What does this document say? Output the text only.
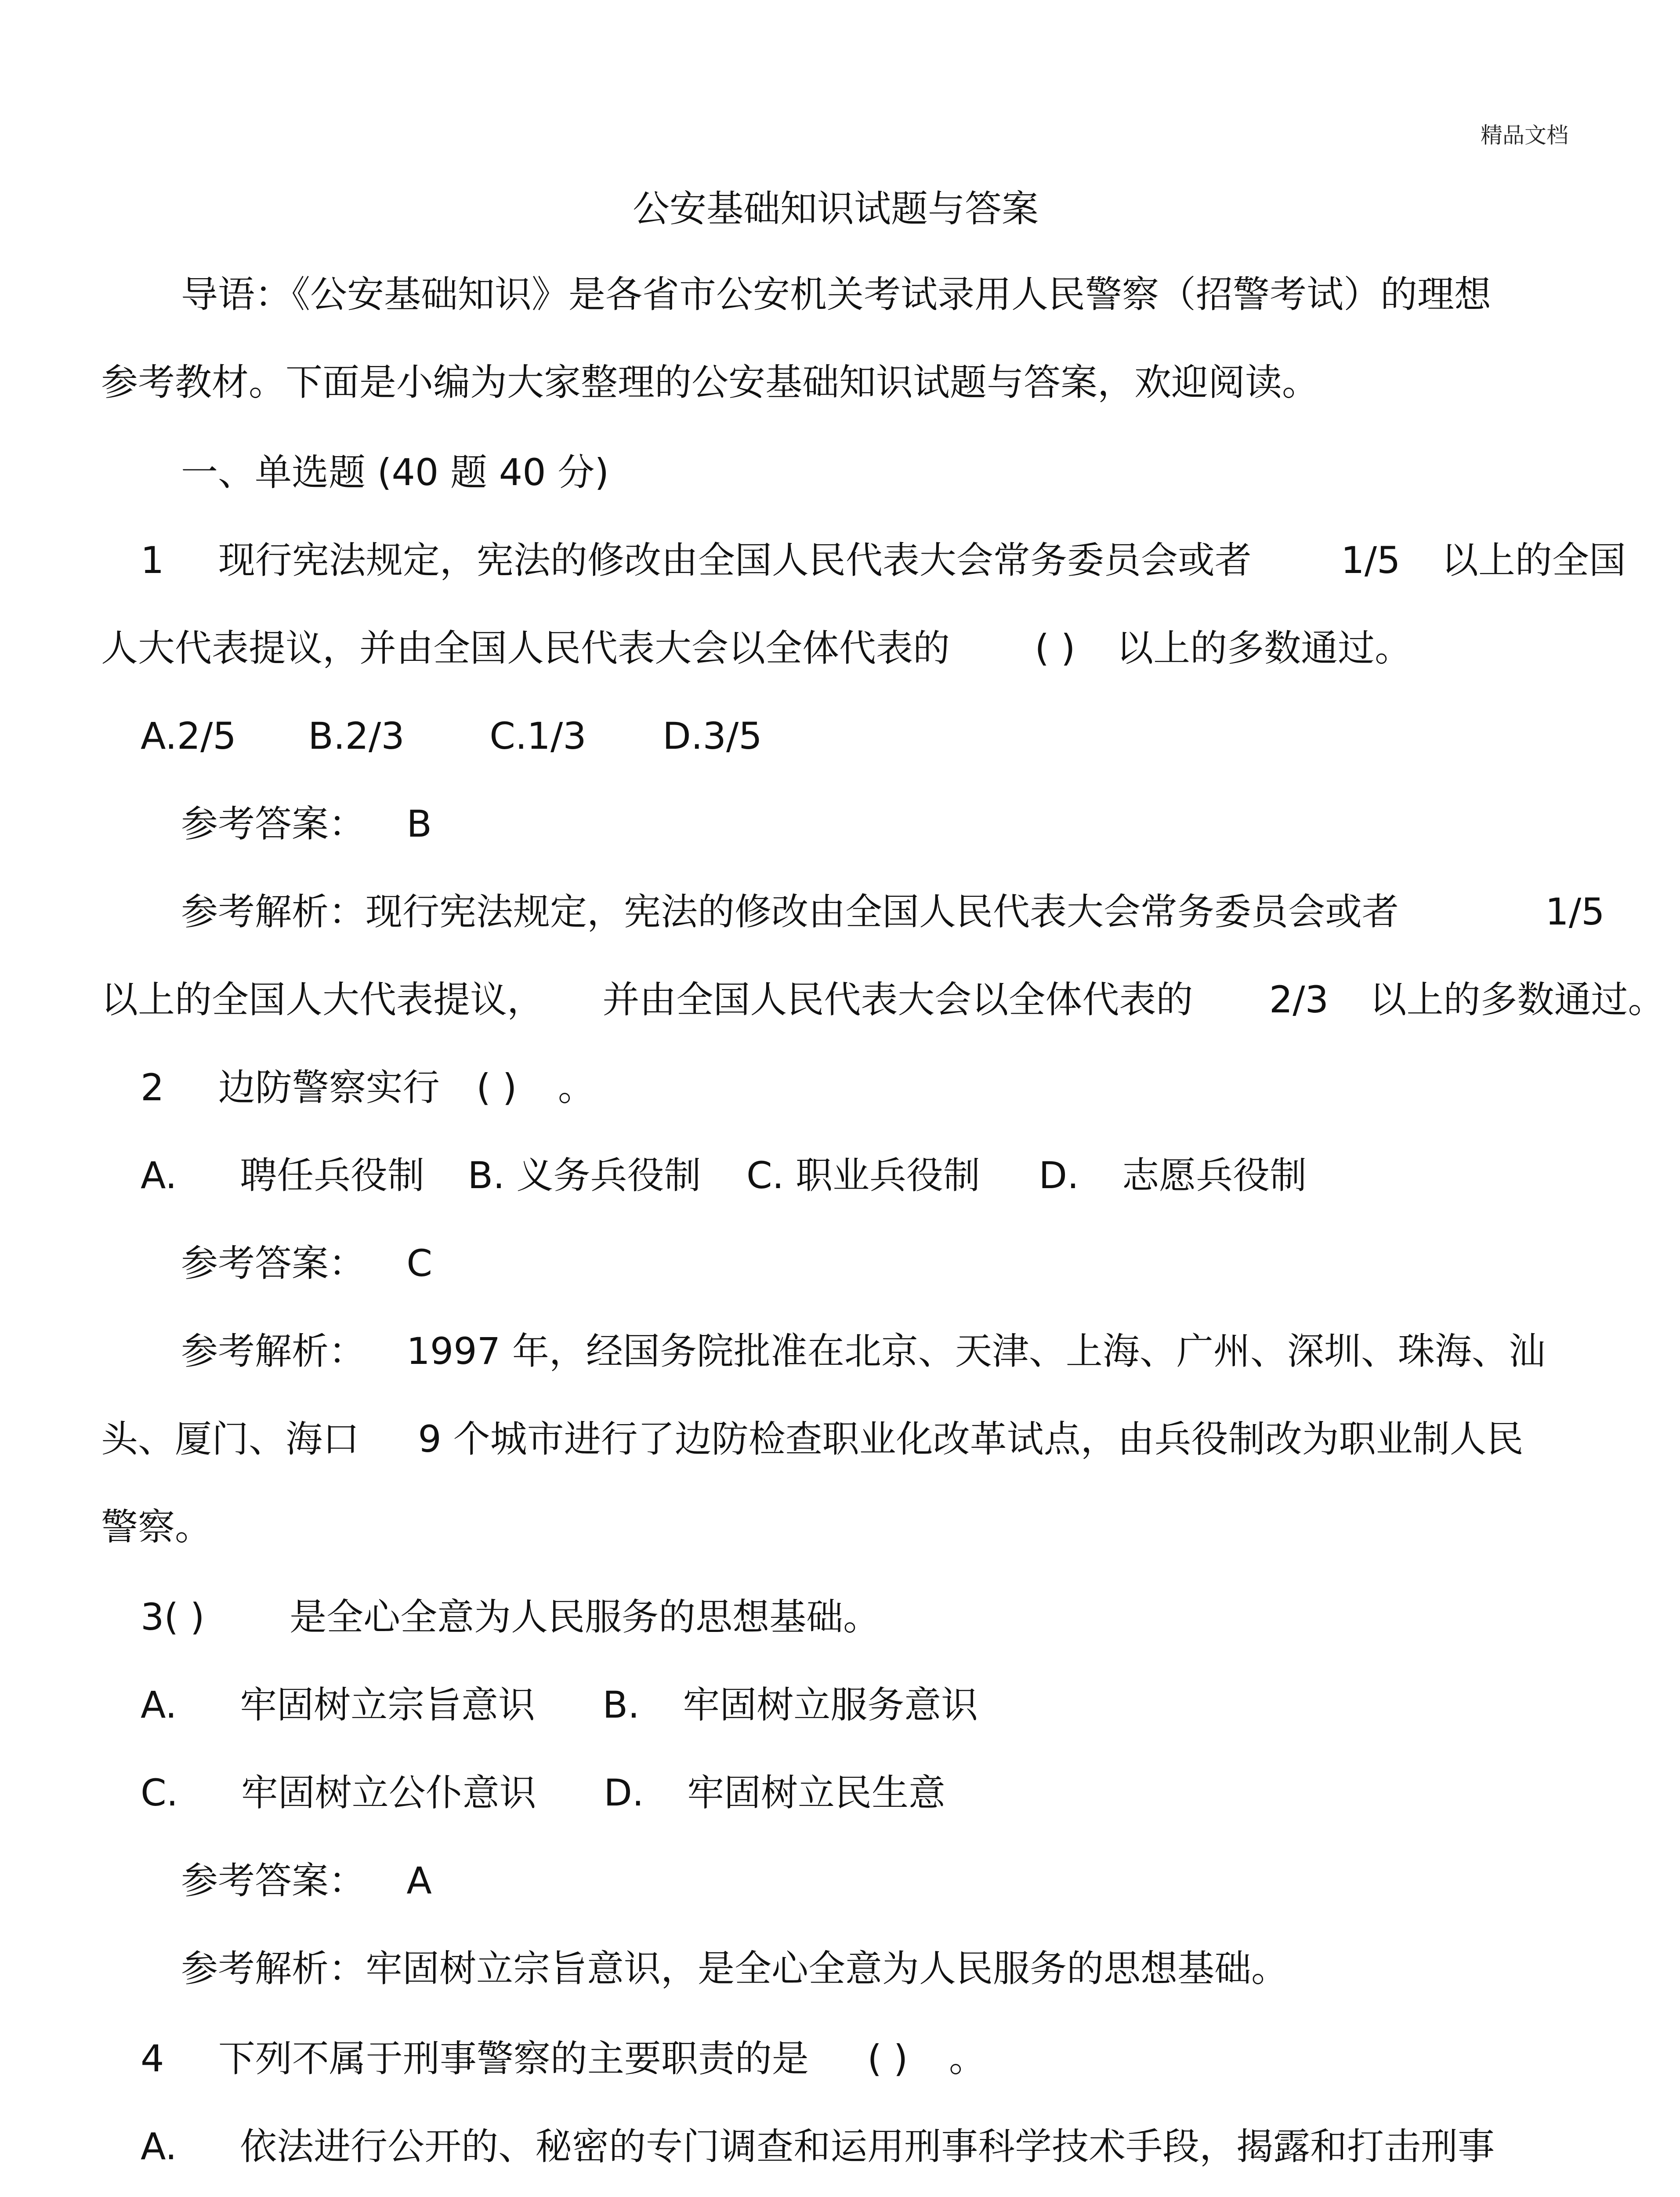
精品文档
公安基础知识试题与答案
导语：《公安基础知识》是各省市公安机关考试录用人民警察（招警考试）的理想
参考教材。下面是小编为大家整理的公安基础知识试题与答案，欢迎阅读。
一、单选题 (40 题 40 分)
1 现行宪法规定，宪法的修改由全国人民代表大会常务委员会或者 1/5 以上的全国
人大代表提议，并由全国人民代表大会以全体代表的 ( ) 以上的多数通过。
A.2/5 B.2/3 C.1/3 D.3/5
参考答案： B
参考解析：现行宪法规定，宪法的修改由全国人民代表大会常务委员会或者	1/5
以上的全国人大代表提议， 并由全国人民代表大会以全体代表的 2/3 以上的多数通过。
2 边防警察实行 ( ) 。
A. 聘任兵役制 B. 义务兵役制 C. 职业兵役制 D. 志愿兵役制
参考答案： C
参考解析： 1997 年，经国务院批准在北京、天津、上海、广州、深圳、珠海、汕
头、厦门、海口 9 个城市进行了边防检查职业化改革试点，由兵役制改为职业制人民
警察。
3( ) 是全心全意为人民服务的思想基础。
A. 牢固树立宗旨意识 B. 牢固树立服务意识
C. 牢固树立公仆意识 D. 牢固树立民生意
参考答案： A
参考解析：牢固树立宗旨意识，是全心全意为人民服务的思想基础。
4 下列不属于刑事警察的主要职责的是 ( ) 。
A. 依法进行公开的、秘密的专门调查和运用刑事科学技术手段，揭露和打击刑事
